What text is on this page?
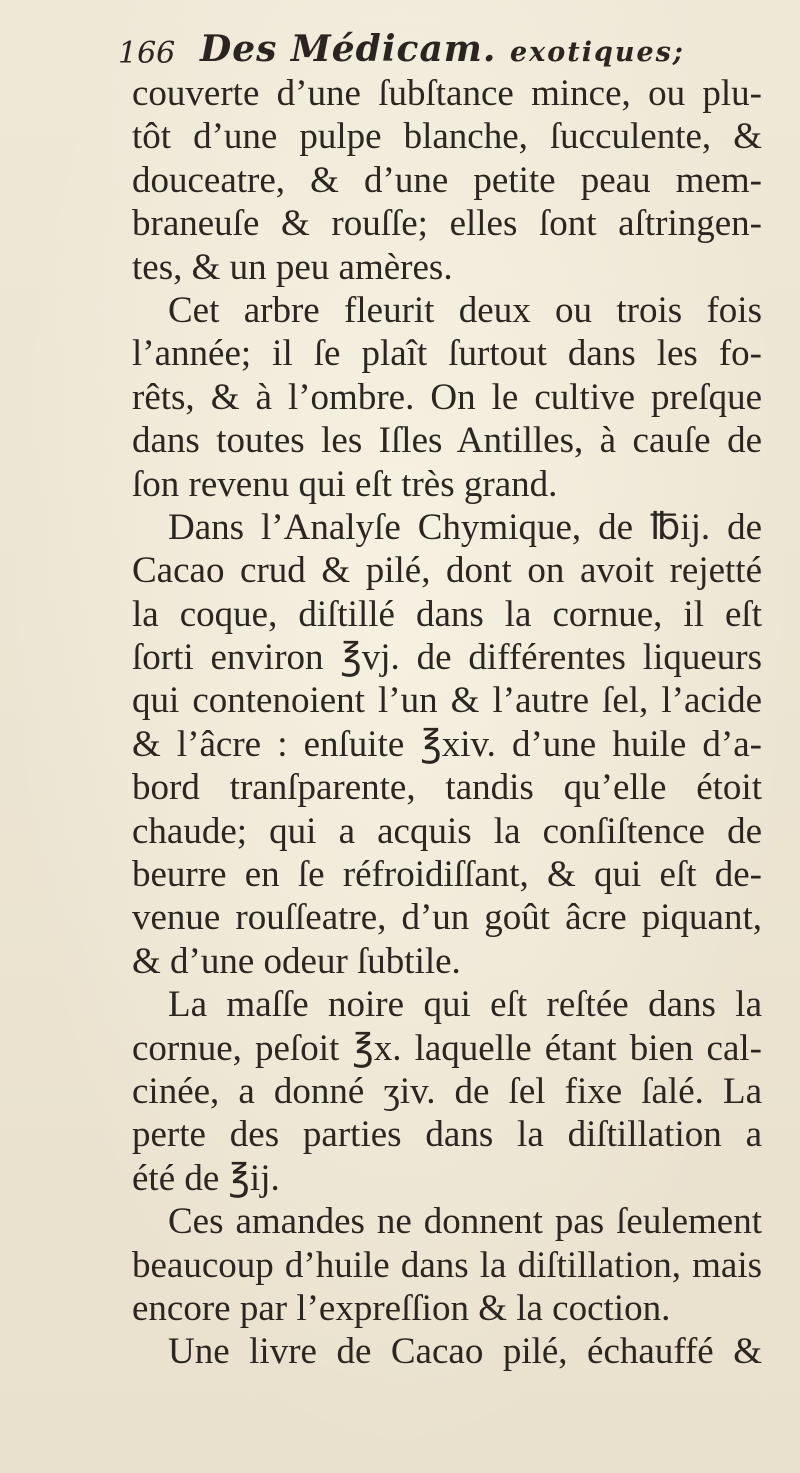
166 Des Médicam. exotiques;
couverte d’une ſubſtance mince, ou plu-
tôt d’une pulpe blanche, ſucculente, &
douceatre, & d’une petite peau mem-
braneuſe & rouſſe; elles ſont aſtringen-
tes, & un peu amères.
Cet arbre fleurit deux ou trois fois
l’année; il ſe plaît ſurtout dans les fo-
rêts, & à l’ombre. On le cultive preſque
dans toutes les Iſles Antilles, à cauſe de
ſon revenu qui eſt très grand.
Dans l’Analyſe Chymique, de ℔ij. de
Cacao crud & pilé, dont on avoit rejetté
la coque, diſtillé dans la cornue, il eſt
ſorti environ ℥vj. de différentes liqueurs
qui contenoient l’un & l’autre ſel, l’acide
& l’âcre : enſuite ℥xiv. d’une huile d’a-
bord tranſparente, tandis qu’elle étoit
chaude; qui a acquis la conſiſtence de
beurre en ſe réfroidiſſant, & qui eſt de-
venue rouſſeatre, d’un goût âcre piquant,
& d’une odeur ſubtile.
La maſſe noire qui eſt reſtée dans la
cornue, peſoit ℥x. laquelle étant bien cal-
cinée, a donné ʒiv. de ſel fixe ſalé. La
perte des parties dans la diſtillation a
été de ℥ij.
Ces amandes ne donnent pas ſeulement
beaucoup d’huile dans la diſtillation, mais
encore par l’expreſſion & la coction.
Une livre de Cacao pilé, échauffé &
